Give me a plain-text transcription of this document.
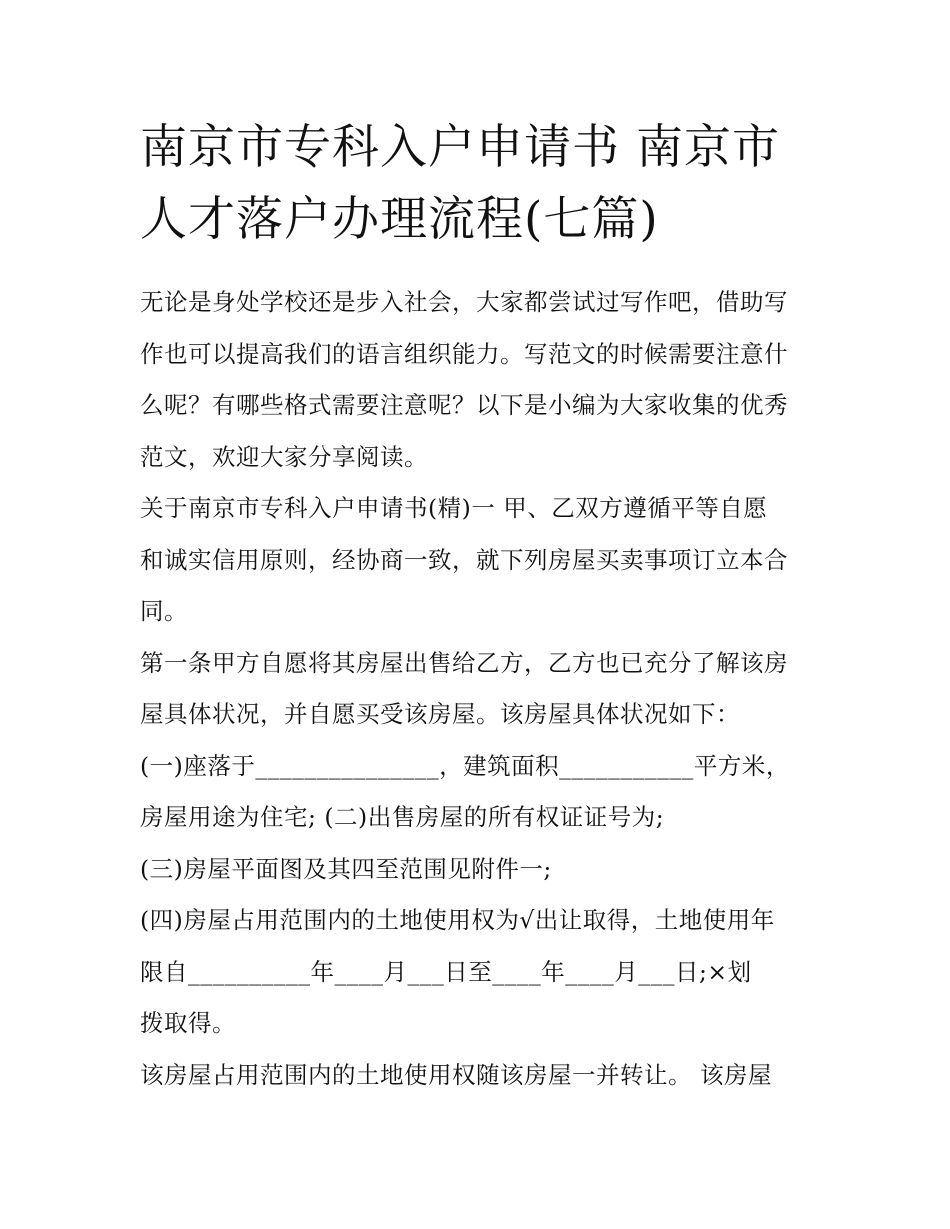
南京市专科入户申请书 南京市
人才落户办理流程(七篇)
无论是身处学校还是步入社会，大家都尝试过写作吧，借助写
作也可以提高我们的语言组织能力。写范文的时候需要注意什
么呢？有哪些格式需要注意呢？以下是小编为大家收集的优秀
范文，欢迎大家分享阅读。
关于南京市专科入户申请书(精)一 甲、乙双方遵循平等自愿
和诚实信用原则，经协商一致，就下列房屋买卖事项订立本合
同。
第一条甲方自愿将其房屋出售给乙方，乙方也已充分了解该房
屋具体状况，并自愿买受该房屋。该房屋具体状况如下：
(一)座落于_______________，建筑面积___________平方米，
房屋用途为住宅; (二)出售房屋的所有权证证号为;
(三)房屋平面图及其四至范围见附件一;
(四)房屋占用范围内的土地使用权为√出让取得，土地使用年
限自__________年____月___日至____年____月___日;×划
拨取得。
该房屋占用范围内的土地使用权随该房屋一并转让。 该房屋
